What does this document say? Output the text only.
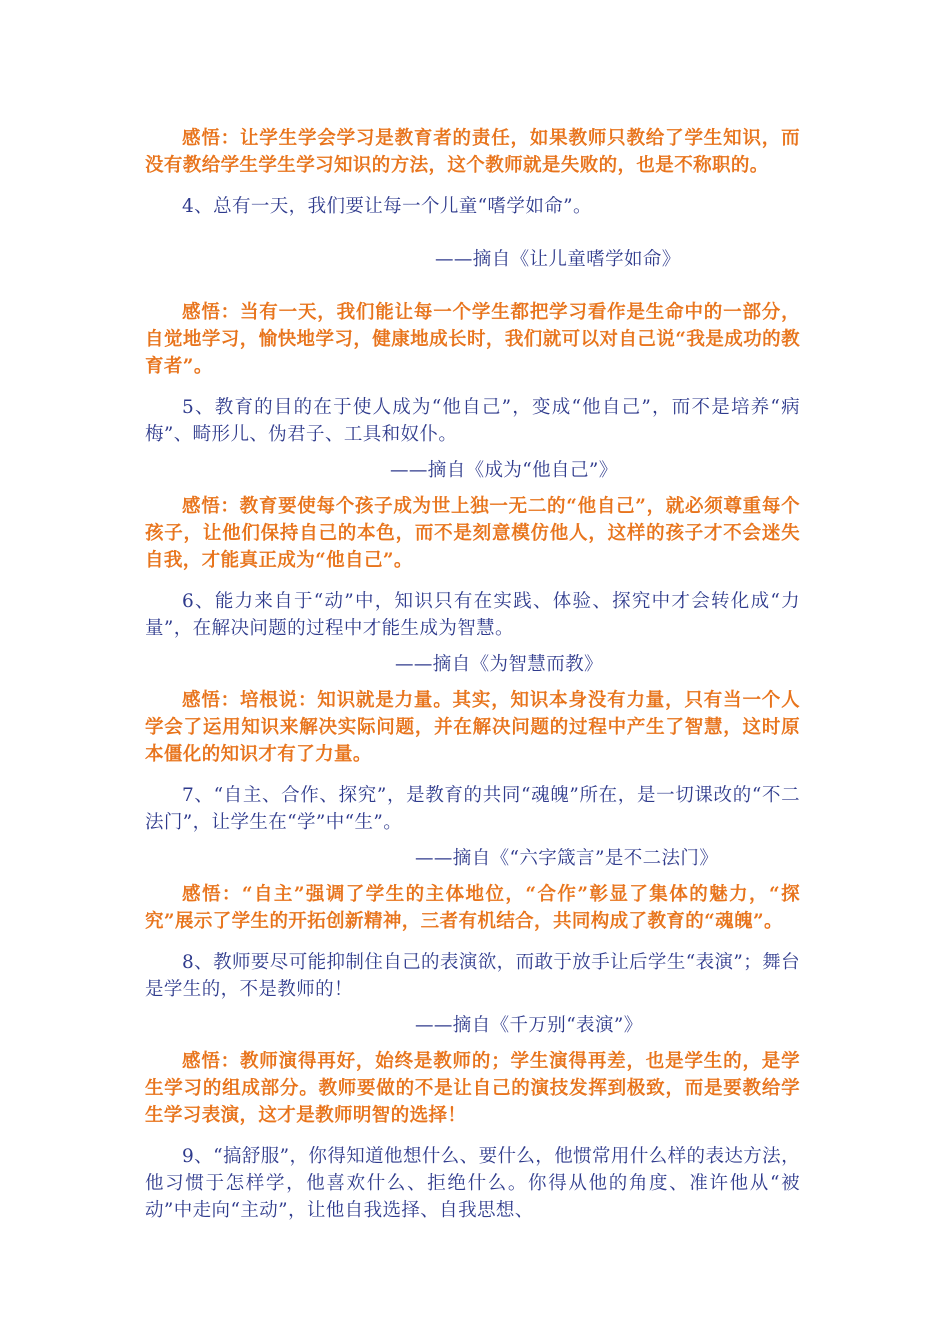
感悟：让学生学会学习是教育者的责任，如果教师只教给了学生知识，而没有教给学生学生学习知识的方法，这个教师就是失败的，也是不称职的。

4、总有一天，我们要让每一个儿童“嗜学如命”。

——摘自《让儿童嗜学如命》

感悟：当有一天，我们能让每一个学生都把学习看作是生命中的一部分，自觉地学习，愉快地学习，健康地成长时，我们就可以对自己说“我是成功的教育者”。

5、教育的目的在于使人成为“他自己”，变成“他自己”，而不是培养“病梅”、畸形儿、伪君子、工具和奴仆。

——摘自《成为“他自己”》

感悟：教育要使每个孩子成为世上独一无二的“他自己”，就必须尊重每个孩子，让他们保持自己的本色，而不是刻意模仿他人，这样的孩子才不会迷失自我，才能真正成为“他自己”。

6、能力来自于“动”中，知识只有在实践、体验、探究中才会转化成“力量”，在解决问题的过程中才能生成为智慧。

——摘自《为智慧而教》

感悟：培根说：知识就是力量。其实，知识本身没有力量，只有当一个人学会了运用知识来解决实际问题，并在解决问题的过程中产生了智慧，这时原本僵化的知识才有了力量。

7、“自主、合作、探究”，是教育的共同“魂魄”所在，是一切课改的“不二法门”，让学生在“学”中“生”。

——摘自《“六字箴言”是不二法门》

感悟：“自主”强调了学生的主体地位，“合作”彰显了集体的魅力，“探究”展示了学生的开拓创新精神，三者有机结合，共同构成了教育的“魂魄”。

8、教师要尽可能抑制住自己的表演欲，而敢于放手让后学生“表演”；舞台是学生的，不是教师的！

——摘自《千万别“表演”》

感悟：教师演得再好，始终是教师的；学生演得再差，也是学生的，是学生学习的组成部分。教师要做的不是让自己的演技发挥到极致，而是要教给学生学习表演，这才是教师明智的选择！

9、“搞舒服”，你得知道他想什么、要什么，他惯常用什么样的表达方法，他习惯于怎样学，他喜欢什么、拒绝什么。你得从他的角度、准许他从“被动”中走向“主动”，让他自我选择、自我思想、
